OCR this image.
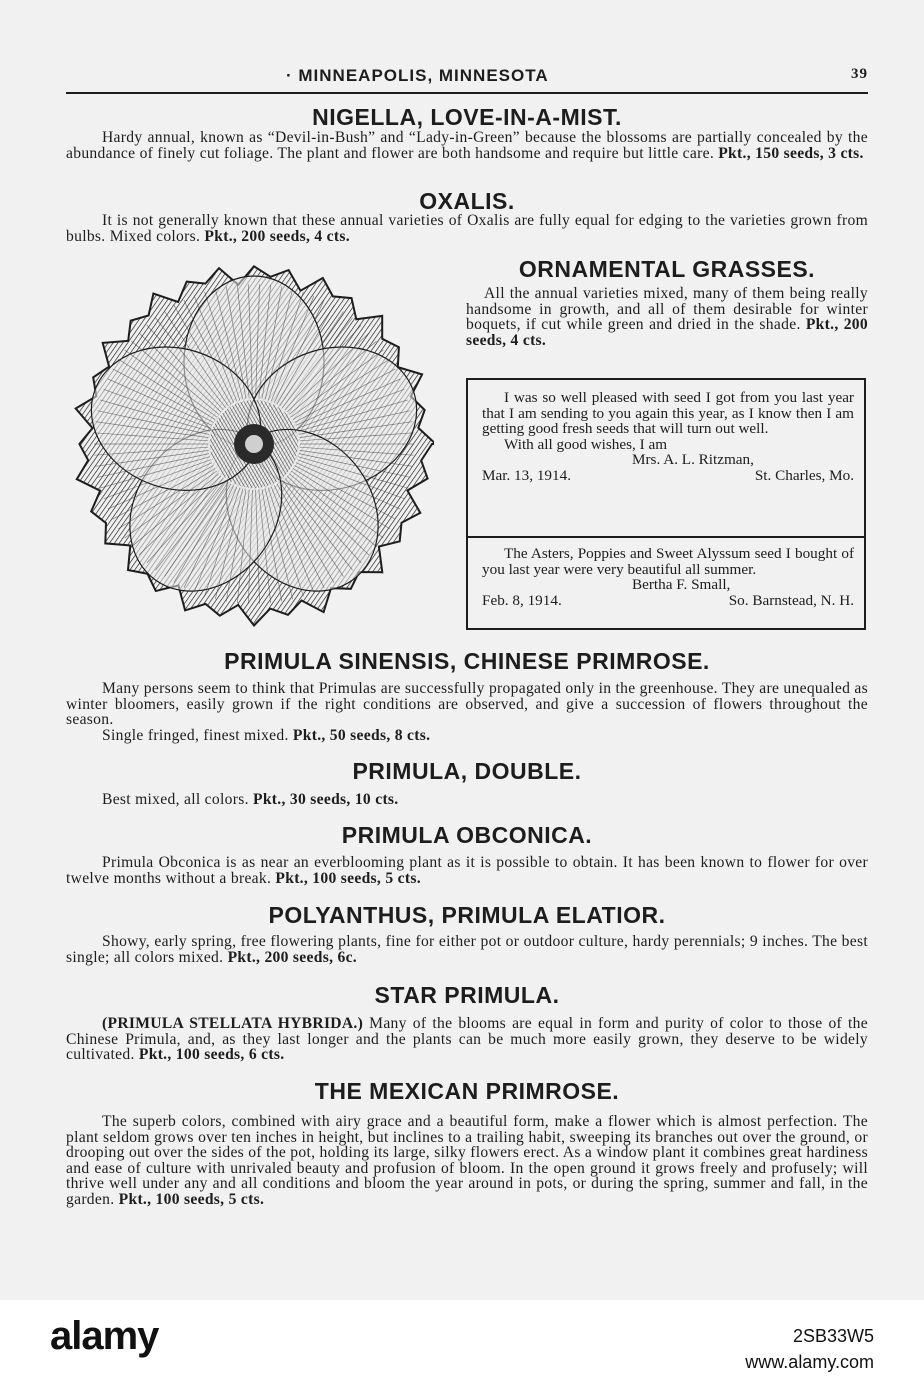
· MINNEAPOLIS, MINNESOTA	39
NIGELLA, LOVE-IN-A-MIST.

Hardy annual, known as “Devil-in-Bush” and “Lady-in-Green” because the blossoms are partially concealed by the abundance of finely cut foliage. The plant and flower are both handsome and require but little care. Pkt., 150 seeds, 3 cts.

OXALIS.

It is not generally known that these annual varieties of Oxalis are fully equal for edging to the varieties grown from bulbs. Mixed colors. Pkt., 200 seeds, 4 cts.

ORNAMENTAL GRASSES.

All the annual varieties mixed, many of them being really handsome in growth, and all of them desirable for winter boquets, if cut while green and dried in the shade. Pkt., 200 seeds, 4 cts.

I was so well pleased with seed I got from you last year that I am sending to you again this year, as I know then I am getting good fresh seeds that will turn out well.
With all good wishes, I am
Mrs. A. L. Ritzman,
Mar. 13, 1914.	St. Charles, Mo.
The Asters, Poppies and Sweet Alyssum seed I bought of you last year were very beautiful all summer.
Bertha F. Small,
Feb. 8, 1914.	So. Barnstead, N. H.
PRIMULA SINENSIS, CHINESE PRIMROSE.

Many persons seem to think that Primulas are successfully propagated only in the greenhouse. They are unequaled as winter bloomers, easily grown if the right conditions are observed, and give a succession of flowers throughout the season.
Single fringed, finest mixed. Pkt., 50 seeds, 8 cts.

PRIMULA, DOUBLE.

Best mixed, all colors. Pkt., 30 seeds, 10 cts.

PRIMULA OBCONICA.

Primula Obconica is as near an everblooming plant as it is possible to obtain. It has been known to flower for over twelve months without a break. Pkt., 100 seeds, 5 cts.

POLYANTHUS, PRIMULA ELATIOR.

Showy, early spring, free flowering plants, fine for either pot or outdoor culture, hardy perennials; 9 inches. The best single; all colors mixed. Pkt., 200 seeds, 6c.

STAR PRIMULA.

(PRIMULA STELLATA HYBRIDA.) Many of the blooms are equal in form and purity of color to those of the Chinese Primula, and, as they last longer and the plants can be much more easily grown, they deserve to be widely cultivated. Pkt., 100 seeds, 6 cts.

THE MEXICAN PRIMROSE.

The superb colors, combined with airy grace and a beautiful form, make a flower which is almost perfection. The plant seldom grows over ten inches in height, but inclines to a trailing habit, sweeping its branches out over the ground, or drooping out over the sides of the pot, holding its large, silky flowers erect. As a window plant it combines great hardiness and ease of culture with unrivaled beauty and profusion of bloom. In the open ground it grows freely and profusely; will thrive well under any and all conditions and bloom the year around in pots, or during the spring, summer and fall, in the garden. Pkt., 100 seeds, 5 cts.

alamy	2SB33W5
www.alamy.com
